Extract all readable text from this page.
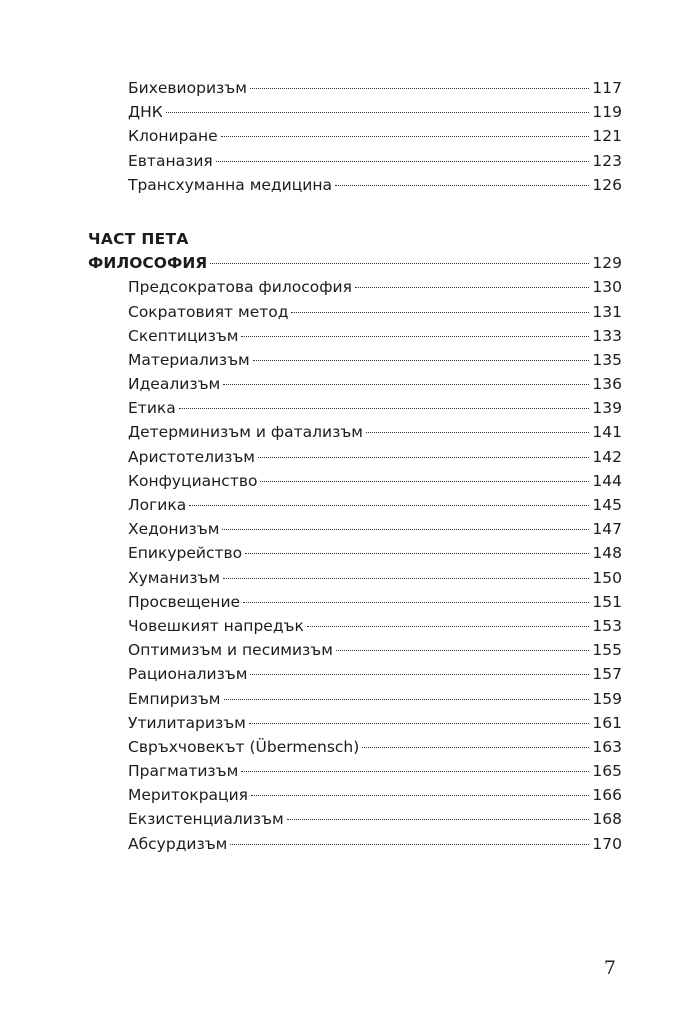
Бихевиоризъм	117
ДНК	119
Клониране	121
Евтаназия	123
Трансхуманна медицина	126
ЧАСТ ПЕТА
ФИЛОСОФИЯ	129
Предсократова философия	130
Сократовият метод	131
Скептицизъм	133
Материализъм	135
Идеализъм	136
Етика	139
Детерминизъм и фатализъм	141
Аристотелизъм	142
Конфуцианство	144
Логика	145
Хедонизъм	147
Епикурейство	148
Хуманизъм	150
Просвещение	151
Човешкият напредък	153
Оптимизъм и песимизъм	155
Рационализъм	157
Емпиризъм	159
Утилитаризъм	161
Свръхчовекът (Übermensch)	163
Прагматизъм	165
Меритокрация	166
Екзистенциализъм	168
Абсурдизъм	170
7
